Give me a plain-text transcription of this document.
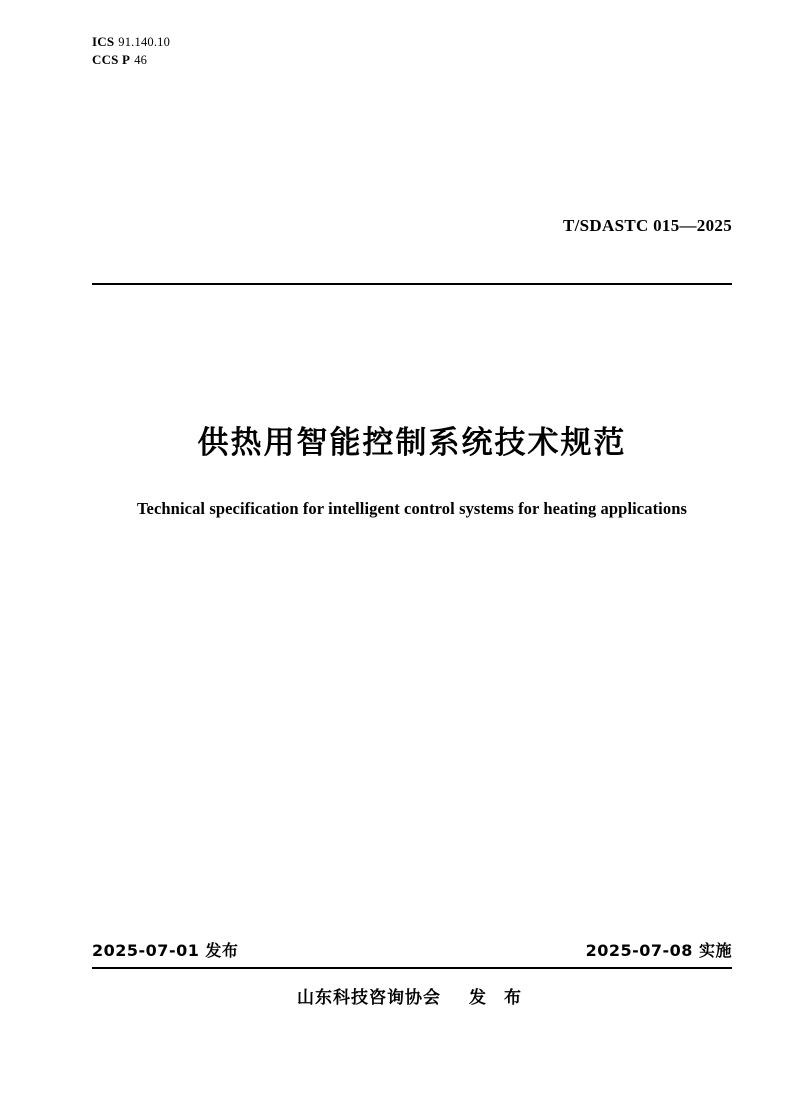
ICS 91.140.10
CCS P 46
T/SDASTC 015—2025
供热用智能控制系统技术规范
Technical specification for intelligent control systems for heating applications
2025-07-01 发布	2025-07-08 实施
山东科技咨询协会 发 布
